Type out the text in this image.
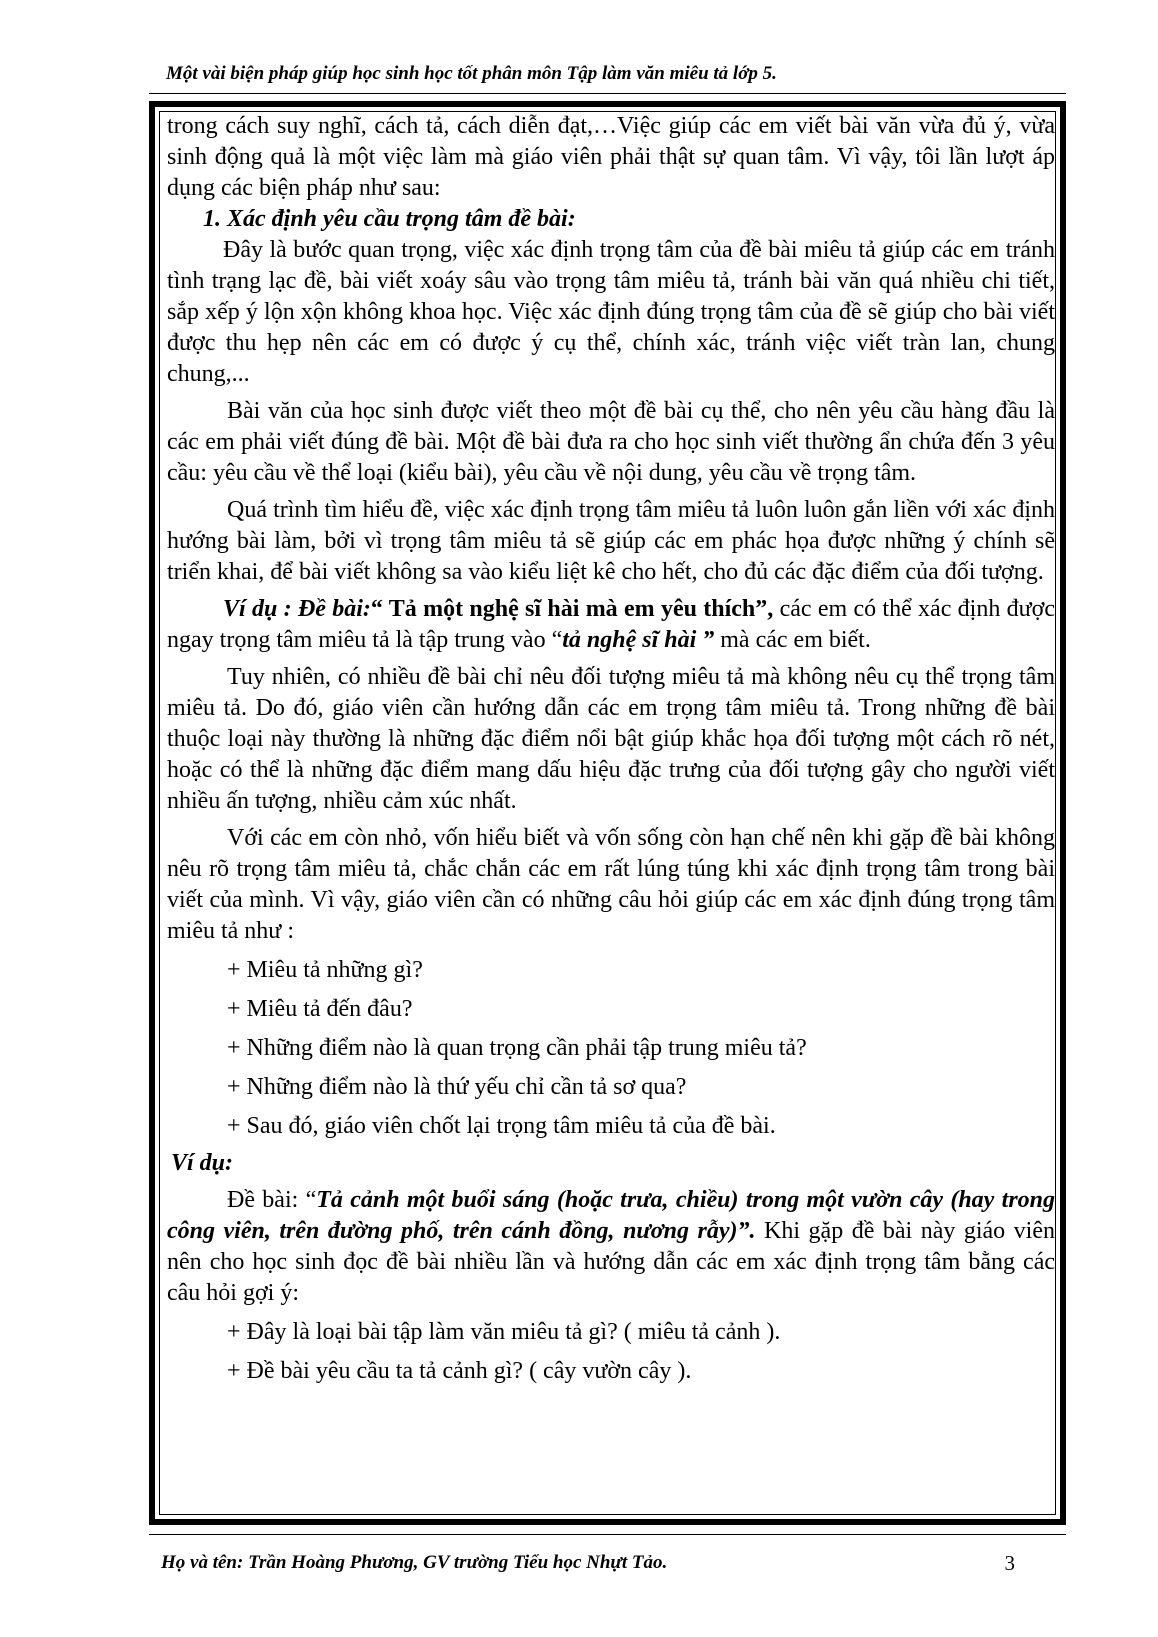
Một vài biện pháp giúp học sinh học tốt phân môn Tập làm văn miêu tả lớp 5.

trong cách suy nghĩ, cách tả, cách diễn đạt,…Việc giúp các em viết bài văn vừa đủ ý, vừa sinh động quả là một việc làm mà giáo viên phải thật sự quan tâm. Vì vậy, tôi lần lượt áp dụng các biện pháp như sau:

1. Xác định yêu cầu trọng tâm đề bài:

Đây là bước quan trọng, việc xác định trọng tâm của đề bài miêu tả giúp các em tránh tình trạng lạc đề, bài viết xoáy sâu vào trọng tâm miêu tả, tránh bài văn quá nhiều chi tiết, sắp xếp ý lộn xộn không khoa học. Việc xác định đúng trọng tâm của đề sẽ giúp cho bài viết được thu hẹp nên các em có được ý cụ thể, chính xác, tránh việc viết tràn lan, chung chung,...

Bài văn của học sinh được viết theo một đề bài cụ thể, cho nên yêu cầu hàng đầu là các em phải viết đúng đề bài. Một đề bài đưa ra cho học sinh viết thường ẩn chứa đến 3 yêu cầu: yêu cầu về thể loại (kiểu bài), yêu cầu về nội dung, yêu cầu về trọng tâm.

Quá trình tìm hiểu đề, việc xác định trọng tâm miêu tả luôn luôn gắn liền với xác định hướng bài làm, bởi vì trọng tâm miêu tả sẽ giúp các em phác họa được những ý chính sẽ triển khai, để bài viết không sa vào kiểu liệt kê cho hết, cho đủ các đặc điểm của đối tượng.

Ví dụ : Đề bài:“ Tả một nghệ sĩ hài mà em yêu thích”, các em có thể xác định được ngay trọng tâm miêu tả là tập trung vào “tả nghệ sĩ hài ” mà các em biết.

Tuy nhiên, có nhiều đề bài chỉ nêu đối tượng miêu tả mà không nêu cụ thể trọng tâm miêu tả. Do đó, giáo viên cần hướng dẫn các em trọng tâm miêu tả. Trong những đề bài thuộc loại này thường là những đặc điểm nổi bật giúp khắc họa đối tượng một cách rõ nét, hoặc có thể là những đặc điểm mang dấu hiệu đặc trưng của đối tượng gây cho người viết nhiều ấn tượng, nhiều cảm xúc nhất.

Với các em còn nhỏ, vốn hiểu biết và vốn sống còn hạn chế nên khi gặp đề bài không nêu rõ trọng tâm miêu tả, chắc chắn các em rất lúng túng khi xác định trọng tâm trong bài viết của mình. Vì vậy, giáo viên cần có những câu hỏi giúp các em xác định đúng trọng tâm miêu tả như :

+ Miêu tả những gì?

+ Miêu tả đến đâu?

+ Những điểm nào là quan trọng cần phải tập trung miêu tả?

+ Những điểm nào là thứ yếu chỉ cần tả sơ qua?

+ Sau đó, giáo viên chốt lại trọng tâm miêu tả của đề bài.

Ví dụ:

Đề bài: “Tả cảnh một buổi sáng (hoặc trưa, chiều) trong một vườn cây (hay trong công viên, trên đường phố, trên cánh đồng, nương rẫy)”. Khi gặp đề bài này giáo viên nên cho học sinh đọc đề bài nhiều lần và hướng dẫn các em xác định trọng tâm bằng các câu hỏi gợi ý:

+ Đây là loại bài tập làm văn miêu tả gì? ( miêu tả cảnh ).

+ Đề bài yêu cầu ta tả cảnh gì? ( cây vườn cây ).

Họ và tên: Trần Hoàng Phương, GV trường Tiểu học Nhựt Tảo.	3
